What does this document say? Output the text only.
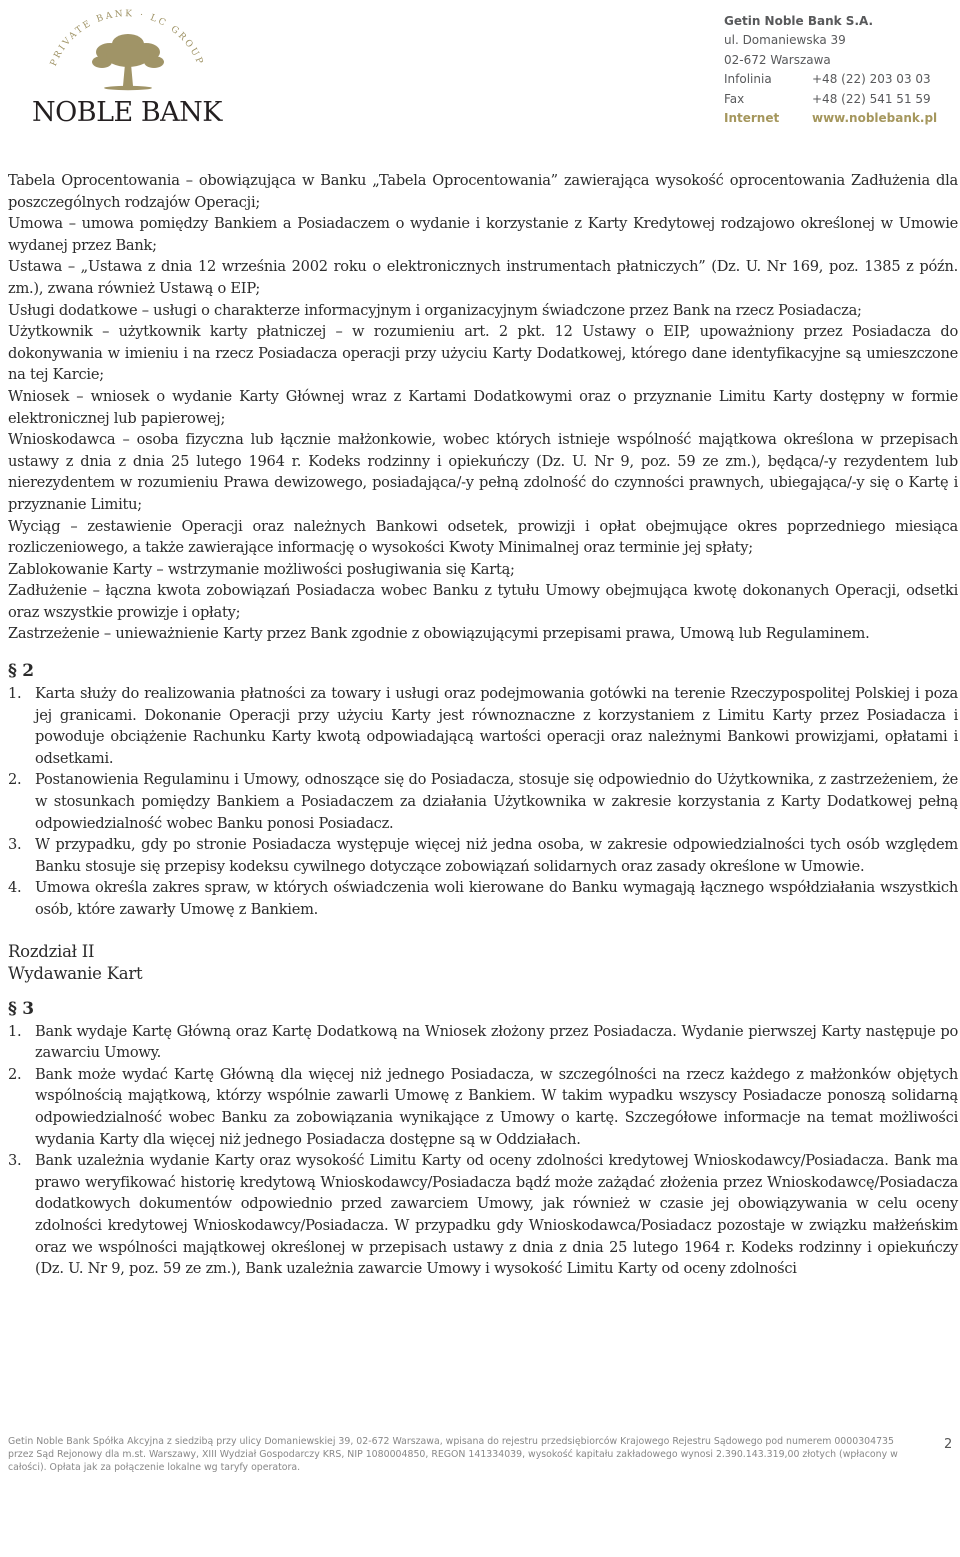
PRIVATE BANK · LC GROUP
NOBLE BANK
Getin Noble Bank S.A.
ul. Domaniewska 39
02-672 Warszawa
Infolinia	+48 (22) 203 03 03
Fax	+48 (22) 541 51 59
Internet	www.noblebank.pl

Tabela Oprocentowania – obowiązująca w Banku „Tabela Oprocentowania” zawierająca wysokość oprocentowania Zadłużenia dla poszczególnych rodzajów Operacji;

Umowa – umowa pomiędzy Bankiem a Posiadaczem o wydanie i korzystanie z Karty Kredytowej rodzajowo określonej w Umowie wydanej przez Bank;

Ustawa – „Ustawa z dnia 12 września 2002 roku o elektronicznych instrumentach płatniczych” (Dz. U. Nr 169, poz. 1385 z późn. zm.), zwana również Ustawą o EIP;

Usługi dodatkowe – usługi o charakterze informacyjnym i organizacyjnym świadczone przez Bank na rzecz Posiadacza;

Użytkownik – użytkownik karty płatniczej – w rozumieniu art. 2 pkt. 12 Ustawy o EIP, upoważniony przez Posiadacza do dokonywania w imieniu i na rzecz Posiadacza operacji przy użyciu Karty Dodatkowej, którego dane identyfikacyjne są umieszczone na tej Karcie;

Wniosek – wniosek o wydanie Karty Głównej wraz z Kartami Dodatkowymi oraz o przyznanie Limitu Karty dostępny w formie elektronicznej lub papierowej;

Wnioskodawca – osoba fizyczna lub łącznie małżonkowie, wobec których istnieje wspólność majątkowa określona w przepisach ustawy z dnia z dnia 25 lutego 1964 r. Kodeks rodzinny i opiekuńczy (Dz. U. Nr 9, poz. 59 ze zm.), będąca/-y rezydentem lub nierezydentem w rozumieniu Prawa dewizowego, posiadająca/-y pełną zdolność do czynności prawnych, ubiegająca/-y się o Kartę i przyznanie Limitu;

Wyciąg – zestawienie Operacji oraz należnych Bankowi odsetek, prowizji i opłat obejmujące okres poprzedniego miesiąca rozliczeniowego, a także zawierające informację o wysokości Kwoty Minimalnej oraz terminie jej spłaty;

Zablokowanie Karty – wstrzymanie możliwości posługiwania się Kartą;

Zadłużenie – łączna kwota zobowiązań Posiadacza wobec Banku z tytułu Umowy obejmująca kwotę dokonanych Operacji, odsetki oraz wszystkie prowizje i opłaty;

Zastrzeżenie – unieważnienie Karty przez Bank zgodnie z obowiązującymi przepisami prawa, Umową lub Regulaminem.

§ 2
1. Karta służy do realizowania płatności za towary i usługi oraz podejmowania gotówki na terenie Rzeczypospolitej Polskiej i poza jej granicami. Dokonanie Operacji przy użyciu Karty jest równoznaczne z korzystaniem z Limitu Karty przez Posiadacza i powoduje obciążenie Rachunku Karty kwotą odpowiadającą wartości operacji oraz należnymi Bankowi prowizjami, opłatami i odsetkami.
2. Postanowienia Regulaminu i Umowy, odnoszące się do Posiadacza, stosuje się odpowiednio do Użytkownika, z zastrzeżeniem, że w stosunkach pomiędzy Bankiem a Posiadaczem za działania Użytkownika w zakresie korzystania z Karty Dodatkowej pełną odpowiedzialność wobec Banku ponosi Posiadacz.
3. W przypadku, gdy po stronie Posiadacza występuje więcej niż jedna osoba, w zakresie odpowiedzialności tych osób względem Banku stosuje się przepisy kodeksu cywilnego dotyczące zobowiązań solidarnych oraz zasady określone w Umowie.
4. Umowa określa zakres spraw, w których oświadczenia woli kierowane do Banku wymagają łącznego współdziałania wszystkich osób, które zawarły Umowę z Bankiem.
Rozdział II
Wydawanie Kart
§ 3
1. Bank wydaje Kartę Główną oraz Kartę Dodatkową na Wniosek złożony przez Posiadacza. Wydanie pierwszej Karty następuje po zawarciu Umowy.
2. Bank może wydać Kartę Główną dla więcej niż jednego Posiadacza, w szczególności na rzecz każdego z małżonków objętych wspólnością majątkową, którzy wspólnie zawarli Umowę z Bankiem. W takim wypadku wszyscy Posiadacze ponoszą solidarną odpowiedzialność wobec Banku za zobowiązania wynikające z Umowy o kartę. Szczegółowe informacje na temat możliwości wydania Karty dla więcej niż jednego Posiadacza dostępne są w Oddziałach.
3. Bank uzależnia wydanie Karty oraz wysokość Limitu Karty od oceny zdolności kredytowej Wnioskodawcy/Posiadacza. Bank ma prawo weryfikować historię kredytową Wnioskodawcy/Posiadacza bądź może zażądać złożenia przez Wnioskodawcę/Posiadacza dodatkowych dokumentów odpowiednio przed zawarciem Umowy, jak również w czasie jej obowiązywania w celu oceny zdolności kredytowej Wnioskodawcy/Posiadacza. W przypadku gdy Wnioskodawca/Posiadacz pozostaje w związku małżeńskim oraz we wspólności majątkowej określonej w przepisach ustawy z dnia z dnia 25 lutego 1964 r. Kodeks rodzinny i opiekuńczy (Dz. U. Nr 9, poz. 59 ze zm.), Bank uzależnia zawarcie Umowy i wysokość Limitu Karty od oceny zdolności
Getin Noble Bank Spółka Akcyjna z siedzibą przy ulicy Domaniewskiej 39, 02-672 Warszawa, wpisana do rejestru przedsiębiorców Krajowego Rejestru Sądowego pod numerem 0000304735 przez Sąd Rejonowy dla m.st. Warszawy, XIII Wydział Gospodarczy KRS, NIP 1080004850, REGON 141334039, wysokość kapitału zakładowego wynosi 2.390.143.319,00 złotych (wpłacony w całości). Opłata jak za połączenie lokalne wg taryfy operatora.
2
